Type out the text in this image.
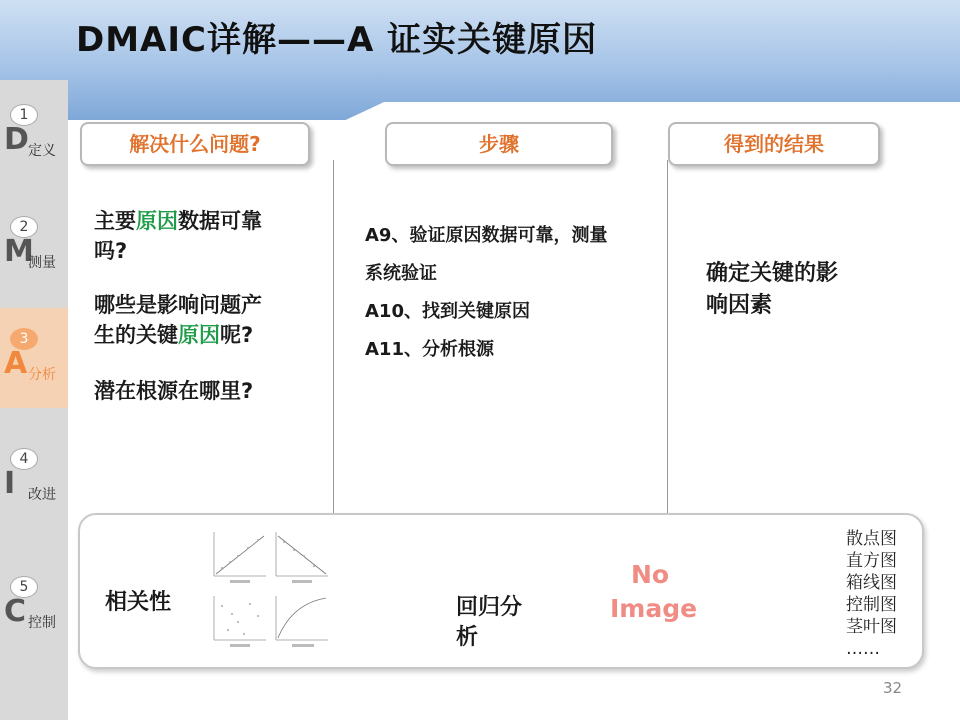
DMAIC详解——A 证实关键原因
1
D 定义
2
M
测量
3
A 分析
4
I 改进
5
C 控制
解决什么问题?	步骤	得到的结果
主要原因数据可靠
吗?
哪些是影响问题产
生的关键原因呢?
潜在根源在哪里?
A9、验证原因数据可靠，测量
系统验证
A10、找到关键原因
A11、分析根源
确定关键的影
响因素
相关性	回归分
析
No
Image
散点图
直方图
箱线图
控制图
茎叶图
……
32
